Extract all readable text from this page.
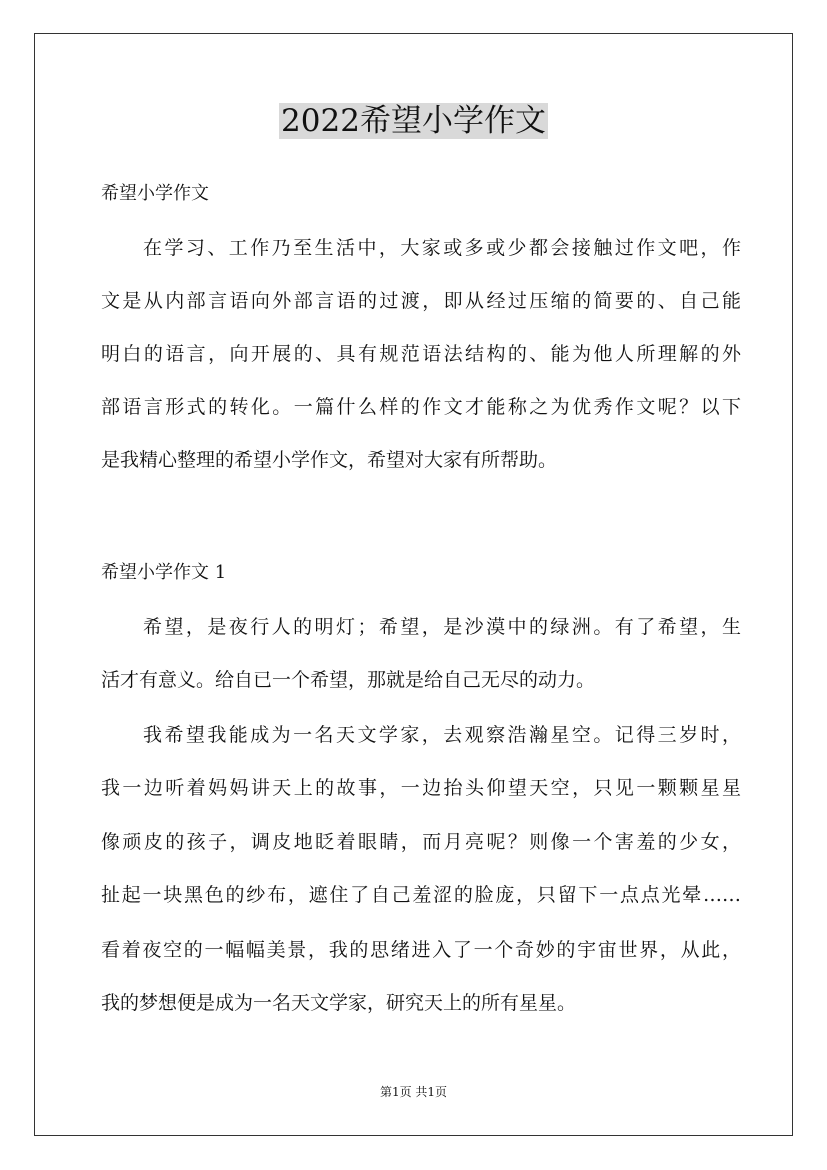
2022希望小学作文
希望小学作文
在学习、工作乃至生活中，大家或多或少都会接触过作文吧，作
文是从内部言语向外部言语的过渡，即从经过压缩的简要的、自己能
明白的语言，向开展的、具有规范语法结构的、能为他人所理解的外
部语言形式的转化。一篇什么样的作文才能称之为优秀作文呢？以下
是我精心整理的希望小学作文，希望对大家有所帮助。
希望小学作文 1
希望，是夜行人的明灯；希望，是沙漠中的绿洲。有了希望，生
活才有意义。给自已一个希望，那就是给自己无尽的动力。
我希望我能成为一名天文学家，去观察浩瀚星空。记得三岁时，
我一边听着妈妈讲天上的故事，一边抬头仰望天空，只见一颗颗星星
像顽皮的孩子，调皮地眨着眼睛，而月亮呢？则像一个害羞的少女，
扯起一块黑色的纱布，遮住了自己羞涩的脸庞，只留下一点点光晕……
看着夜空的一幅幅美景，我的思绪进入了一个奇妙的宇宙世界，从此，
我的梦想便是成为一名天文学家，研究天上的所有星星。
第1页 共1页
